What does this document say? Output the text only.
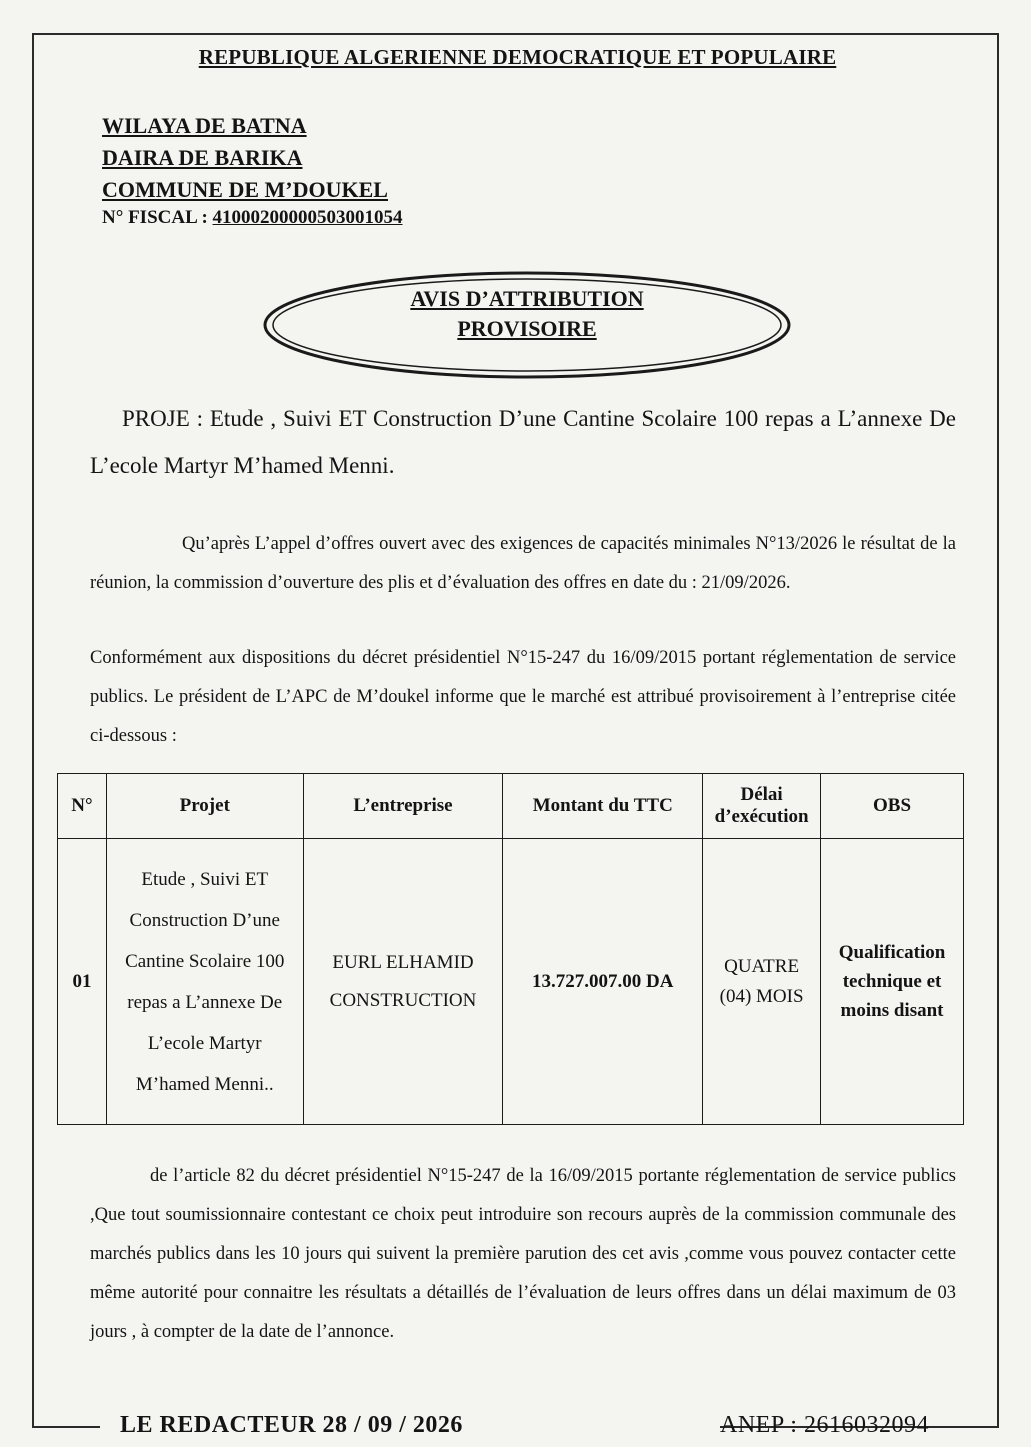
REPUBLIQUE ALGERIENNE DEMOCRATIQUE ET POPULAIRE
WILAYA DE BATNA
DAIRA DE BARIKA
COMMUNE DE M’DOUKEL
N° FISCAL : 41000200000503001054
AVIS D’ATTRIBUTION
PROVISOIRE
PROJE : Etude , Suivi ET Construction D’une Cantine Scolaire 100 repas a L’annexe De L’ecole Martyr M’hamed Menni.
Qu’après L’appel d’offres ouvert avec des exigences de capacités minimales N°13/2026 le résultat de la réunion, la commission d’ouverture des plis et d’évaluation des offres en date du : 21/09/2026.
Conformément aux dispositions du décret présidentiel N°15-247 du 16/09/2015 portant réglementation de service publics. Le président de L’APC de M’doukel informe que le marché est attribué provisoirement à l’entreprise citée ci-dessous :
N°	Projet	L’entreprise	Montant du TTC	Délai d’exécution	OBS
01	Etude , Suivi ET Construction D’une Cantine Scolaire 100 repas a L’annexe De L’ecole Martyr M’hamed Menni..	EURL ELHAMID CONSTRUCTION	13.727.007.00 DA	QUATRE (04) MOIS	Qualification technique et moins disant
de l’article 82 du décret présidentiel N°15-247 de la 16/09/2015 portante réglementation de service publics ,Que tout soumissionnaire contestant ce choix peut introduire son recours auprès de la commission communale des marchés publics dans les 10 jours qui suivent la première parution des cet avis ,comme vous pouvez contacter cette même autorité pour connaitre les résultats a détaillés de l’évaluation de leurs offres dans un délai maximum de 03 jours , à compter de la date de l’annonce.
LE REDACTEUR 28 / 09 / 2026	ANEP : 2616032094
